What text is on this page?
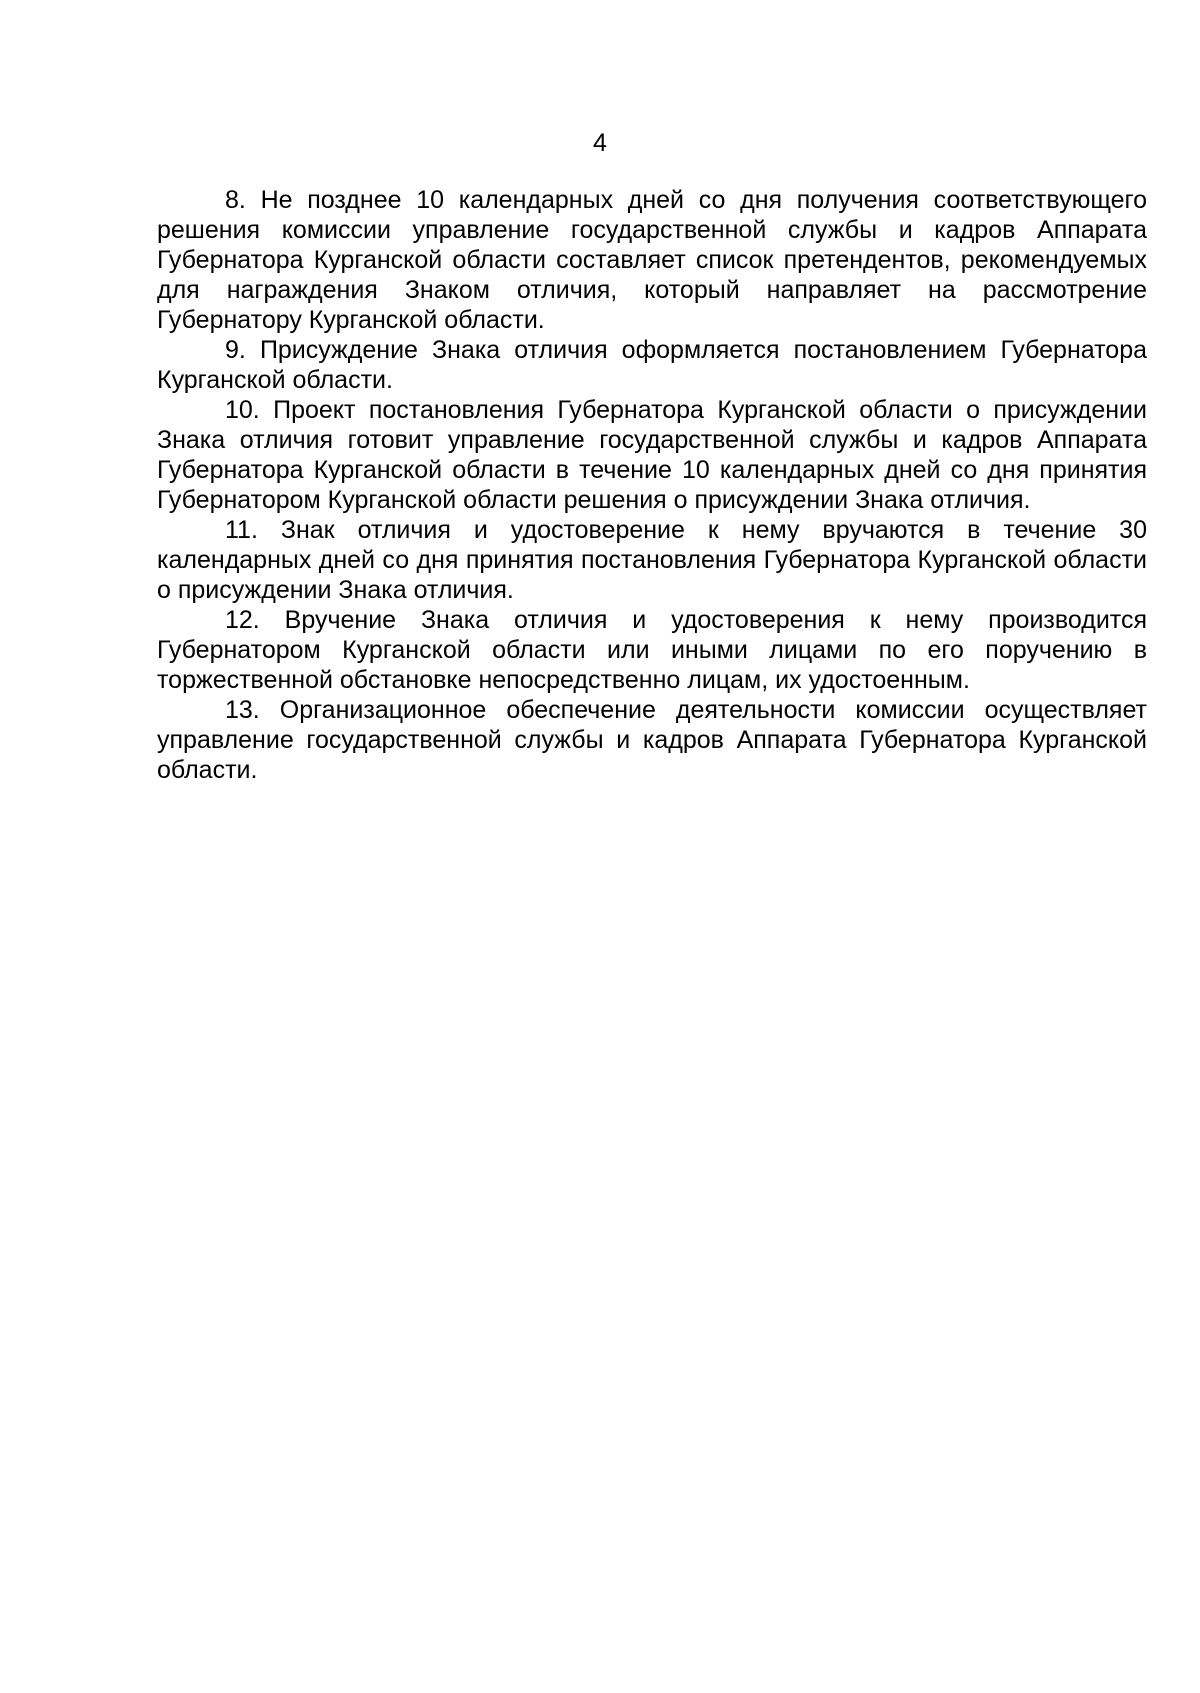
4

8. Не позднее 10 календарных дней со дня получения соответствующего решения комиссии управление государственной службы и кадров Аппарата Губернатора Курганской области составляет список претендентов, рекомендуемых для награждения Знаком отличия, который направляет на рассмотрение Губернатору Курганской области.

9. Присуждение Знака отличия оформляется постановлением Губернатора Курганской области.

10. Проект постановления Губернатора Курганской области о присуждении Знака отличия готовит управление государственной службы и кадров Аппарата Губернатора Курганской области в течение 10 календарных дней со дня принятия Губернатором Курганской области решения о присуждении Знака отличия.

11. Знак отличия и удостоверение к нему вручаются в течение 30 календарных дней со дня принятия постановления Губернатора Курганской области о присуждении Знака отличия.

12. Вручение Знака отличия и удостоверения к нему производится Губернатором Курганской области или иными лицами по его поручению в торжественной обстановке непосредственно лицам, их удостоенным.

13. Организационное обеспечение деятельности комиссии осуществляет управление государственной службы и кадров Аппарата Губернатора Курганской области.
